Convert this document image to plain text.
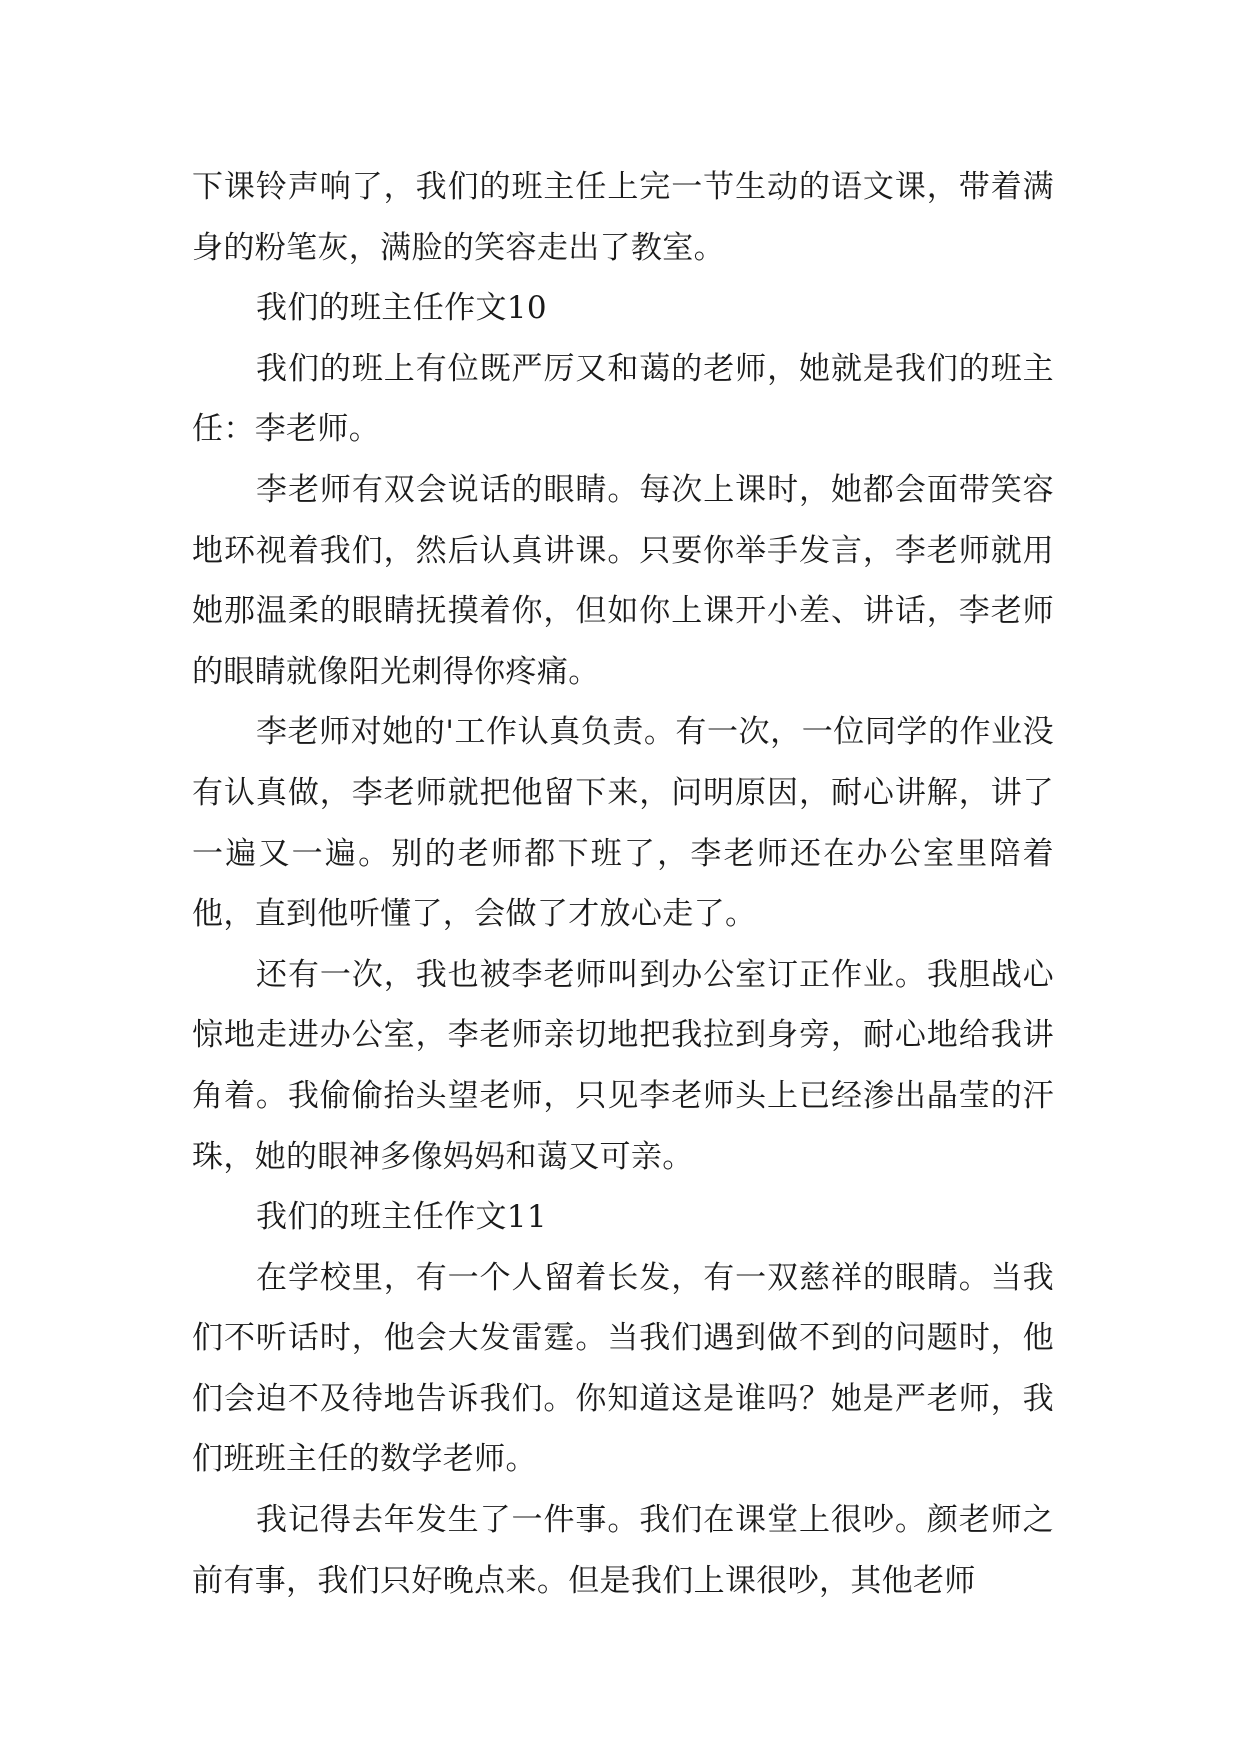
下课铃声响了，我们的班主任上完一节生动的语文课，带着满身的粉笔灰，满脸的笑容走出了教室。

我们的班主任作文10

我们的班上有位既严厉又和蔼的老师，她就是我们的班主任：李老师。

李老师有双会说话的眼睛。每次上课时，她都会面带笑容地环视着我们，然后认真讲课。只要你举手发言，李老师就用她那温柔的眼睛抚摸着你，但如你上课开小差、讲话，李老师的眼睛就像阳光刺得你疼痛。

李老师对她的'工作认真负责。有一次，一位同学的作业没有认真做，李老师就把他留下来，问明原因，耐心讲解，讲了一遍又一遍。别的老师都下班了，李老师还在办公室里陪着他，直到他听懂了，会做了才放心走了。

还有一次，我也被李老师叫到办公室订正作业。我胆战心惊地走进办公室，李老师亲切地把我拉到身旁，耐心地给我讲角着。我偷偷抬头望老师，只见李老师头上已经渗出晶莹的汗珠，她的眼神多像妈妈和蔼又可亲。

我们的班主任作文11

在学校里，有一个人留着长发，有一双慈祥的眼睛。当我们不听话时，他会大发雷霆。当我们遇到做不到的问题时，他们会迫不及待地告诉我们。你知道这是谁吗？她是严老师，我们班班主任的数学老师。

我记得去年发生了一件事。我们在课堂上很吵。颜老师之前有事，我们只好晚点来。但是我们上课很吵，其他老师
